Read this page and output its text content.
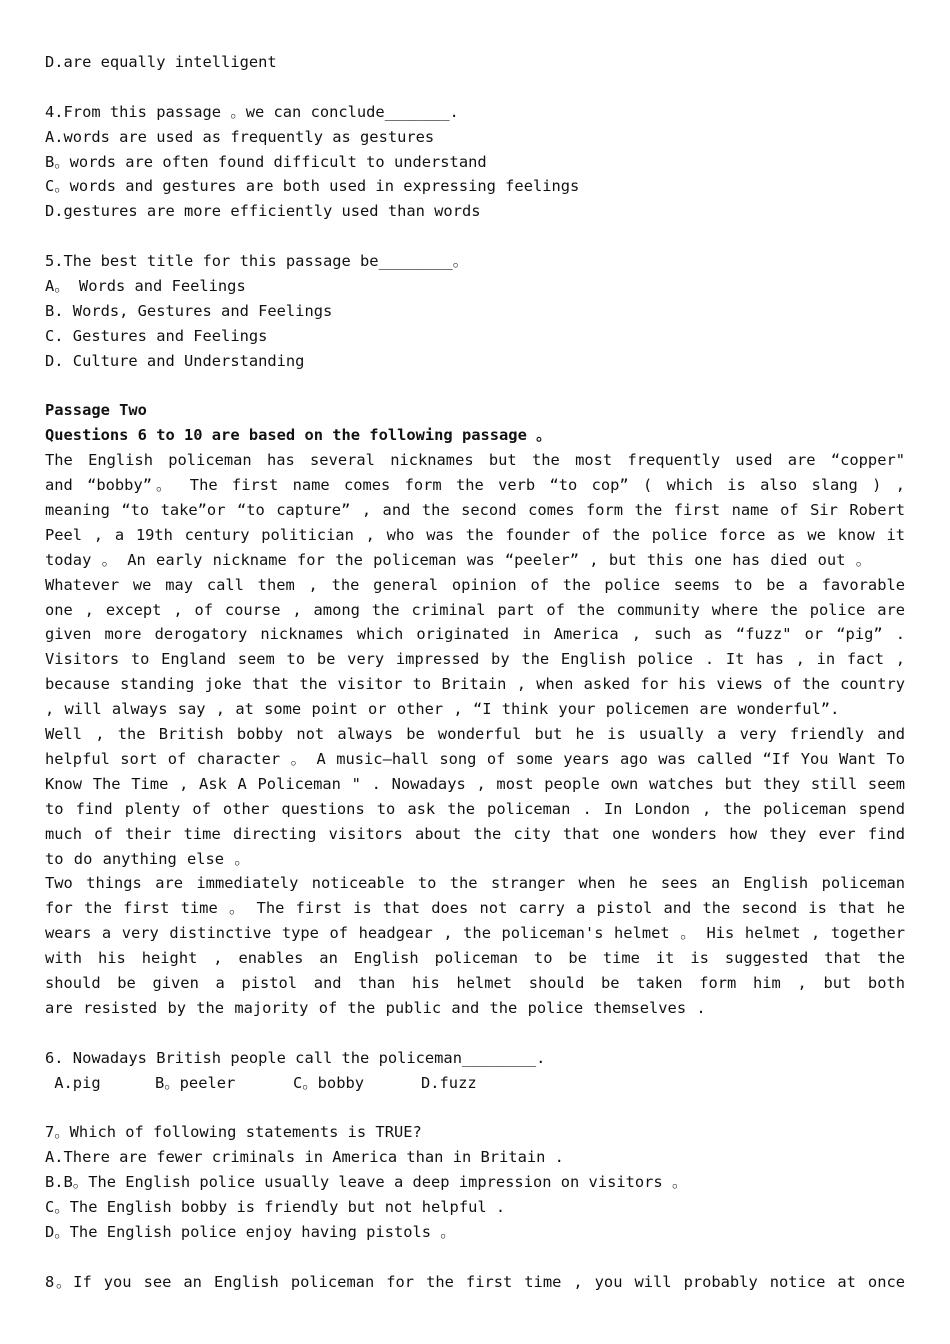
D.are equally intelligent
4.From this passage 。we can conclude_______.
A.words are used as frequently as gestures
B。words are often found difficult to understand
C。words and gestures are both used in expressing feelings
D.gestures are more efficiently used than words
5.The best title for this passage be________。
A。 Words and Feelings
B. Words, Gestures and Feelings
C. Gestures and Feelings
D. Culture and Understanding
Passage Two
Questions 6 to 10 are based on the following passage 。
The English policeman has several nicknames but the most frequently used are “copper"
and “bobby”。 The first name comes form the verb “to cop” ( which is also slang ) ,
meaning “to take”or “to capture” , and the second comes form the first name of Sir Robert
Peel , a 19th century politician , who was the founder of the police force as we know it
today 。 An early nickname for the policeman was “peeler” , but this one has died out 。
Whatever we may call them , the general opinion of the police seems to be a favorable
one , except , of course , among the criminal part of the community where the police are
given more derogatory nicknames which originated in America , such as “fuzz" or “pig” .
Visitors to England seem to be very impressed by the English police . It has , in fact ,
because standing joke that the visitor to Britain , when asked for his views of the country
, will always say , at some point or other , “I think your policemen are wonderful”.
Well , the British bobby not always be wonderful but he is usually a very friendly and
helpful sort of character 。 A music—hall song of some years ago was called “If You Want To
Know The Time , Ask A Policeman " . Nowadays , most people own watches but they still seem
to find plenty of other questions to ask the policeman . In London , the policeman spend
much of their time directing visitors about the city that one wonders how they ever find
to do anything else 。
Two things are immediately noticeable to the stranger when he sees an English policeman
for the first time 。 The first is that does not carry a pistol and the second is that he
wears a very distinctive type of headgear , the policeman's helmet 。 His helmet , together
with his height , enables an English policeman to be time it is suggested that the
should be given a pistol and than his helmet should be taken form him , but both
are resisted by the majority of the public and the police themselves .
6. Nowadays British people call the policeman________.
A.pig	B。peeler	C。bobby	D.fuzz
7。Which of following statements is TRUE?
A.There are fewer criminals in America than in Britain .
B.B。The English police usually leave a deep impression on visitors 。
C。The English bobby is friendly but not helpful .
D。The English police enjoy having pistols 。
8。If you see an English policeman for the first time , you will probably notice at once
